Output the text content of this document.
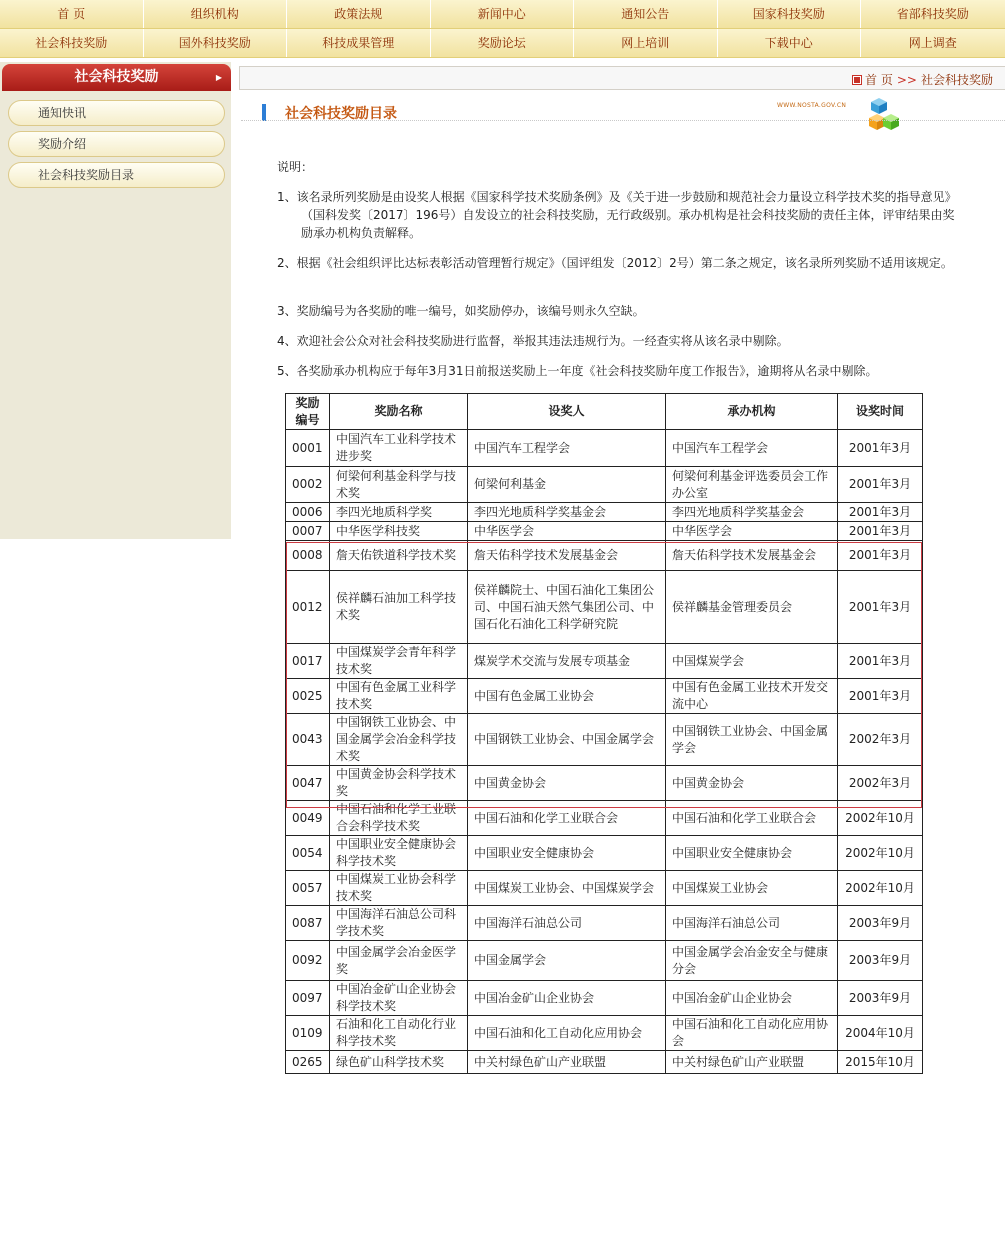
首 页	组织机构	政策法规	新闻中心	通知公告	国家科技奖励	省部科技奖励
社会科技奖励	国外科技奖励	科技成果管理	奖励论坛	网上培训	下载中心	网上调查
社会科技奖励	▶
通知快讯
奖励介绍
社会科技奖励目录
首 页 >> 社会科技奖励
社会科技奖励目录
WWW.NOSTA.GOV.CN
说明：
1、该名录所列奖励是由设奖人根据《国家科学技术奖励条例》及《关于进一步鼓励和规范社会力量设立科学技术奖的指导意见》（国科发奖〔2017〕196号）自发设立的社会科技奖励，无行政级别。承办机构是社会科技奖励的责任主体，评审结果由奖励承办机构负责解释。
2、根据《社会组织评比达标表彰活动管理暂行规定》（国评组发〔2012〕2号）第二条之规定，该名录所列奖励不适用该规定。
3、奖励编号为各奖励的唯一编号，如奖励停办，该编号则永久空缺。
4、欢迎社会公众对社会科技奖励进行监督，举报其违法违规行为。一经查实将从该名录中剔除。
5、各奖励承办机构应于每年3月31日前报送奖励上一年度《社会科技奖励年度工作报告》，逾期将从名录中剔除。
奖励编号	奖励名称	设奖人	承办机构	设奖时间
0001	中国汽车工业科学技术进步奖	中国汽车工程学会	中国汽车工程学会	2001年3月
0002	何梁何利基金科学与技术奖	何梁何利基金	何梁何利基金评选委员会工作办公室	2001年3月
0006	李四光地质科学奖	李四光地质科学奖基金会	李四光地质科学奖基金会	2001年3月
0007	中华医学科技奖	中华医学会	中华医学会	2001年3月
0008	詹天佑铁道科学技术奖	詹天佑科学技术发展基金会	詹天佑科学技术发展基金会	2001年3月
0012	侯祥麟石油加工科学技术奖	侯祥麟院士、中国石油化工集团公司、中国石油天然气集团公司、中国石化石油化工科学研究院	侯祥麟基金管理委员会	2001年3月
0017	中国煤炭学会青年科学技术奖	煤炭学术交流与发展专项基金	中国煤炭学会	2001年3月
0025	中国有色金属工业科学技术奖	中国有色金属工业协会	中国有色金属工业技术开发交流中心	2001年3月
0043	中国钢铁工业协会、中国金属学会冶金科学技术奖	中国钢铁工业协会、中国金属学会	中国钢铁工业协会、中国金属学会	2002年3月
0047	中国黄金协会科学技术奖	中国黄金协会	中国黄金协会	2002年3月
0049	中国石油和化学工业联合会科学技术奖	中国石油和化学工业联合会	中国石油和化学工业联合会	2002年10月
0054	中国职业安全健康协会科学技术奖	中国职业安全健康协会	中国职业安全健康协会	2002年10月
0057	中国煤炭工业协会科学技术奖	中国煤炭工业协会、中国煤炭学会	中国煤炭工业协会	2002年10月
0087	中国海洋石油总公司科学技术奖	中国海洋石油总公司	中国海洋石油总公司	2003年9月
0092	中国金属学会冶金医学奖	中国金属学会	中国金属学会冶金安全与健康分会	2003年9月
0097	中国冶金矿山企业协会科学技术奖	中国冶金矿山企业协会	中国冶金矿山企业协会	2003年9月
0109	石油和化工自动化行业科学技术奖	中国石油和化工自动化应用协会	中国石油和化工自动化应用协会	2004年10月
0265	绿色矿山科学技术奖	中关村绿色矿山产业联盟	中关村绿色矿山产业联盟	2015年10月
